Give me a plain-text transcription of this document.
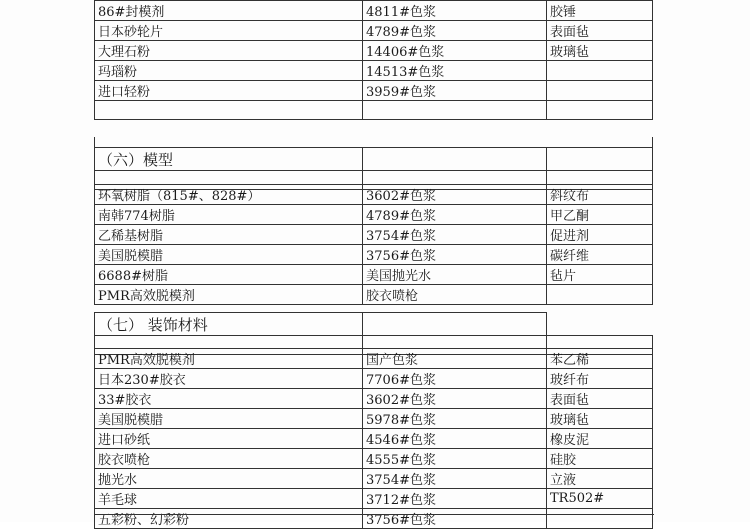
86#封模剂	4811#色浆	胶锤
日本砂轮片	4789#色浆	表面毡
大理石粉	14406#色浆	玻璃毡
玛瑙粉	14513#色浆	
进口轻粉	3959#色浆	

（六）模型		

环氧树脂（815#、828#）	3602#色浆	斜纹布
南韩774树脂	4789#色浆	甲乙酮
乙稀基树脂	3754#色浆	促进剂
美国脱模腊	3756#色浆	碳纤维
6688#树脂	美国抛光水	毡片
PMR高效脱模剂	胶衣喷枪	
（七） 装饰材料		

PMR高效脱模剂	国产色浆	苯乙稀
日本230#胶衣	7706#色浆	玻纤布
33#胶衣	3602#色浆	表面毡
美国脱模腊	5978#色浆	玻璃毡
进口砂纸	4546#色浆	橡皮泥
胶衣喷枪	4555#色浆	硅胶
抛光水	3754#色浆	立液
羊毛球	3712#色浆	TR502#
五彩粉、幻彩粉	3756#色浆	
